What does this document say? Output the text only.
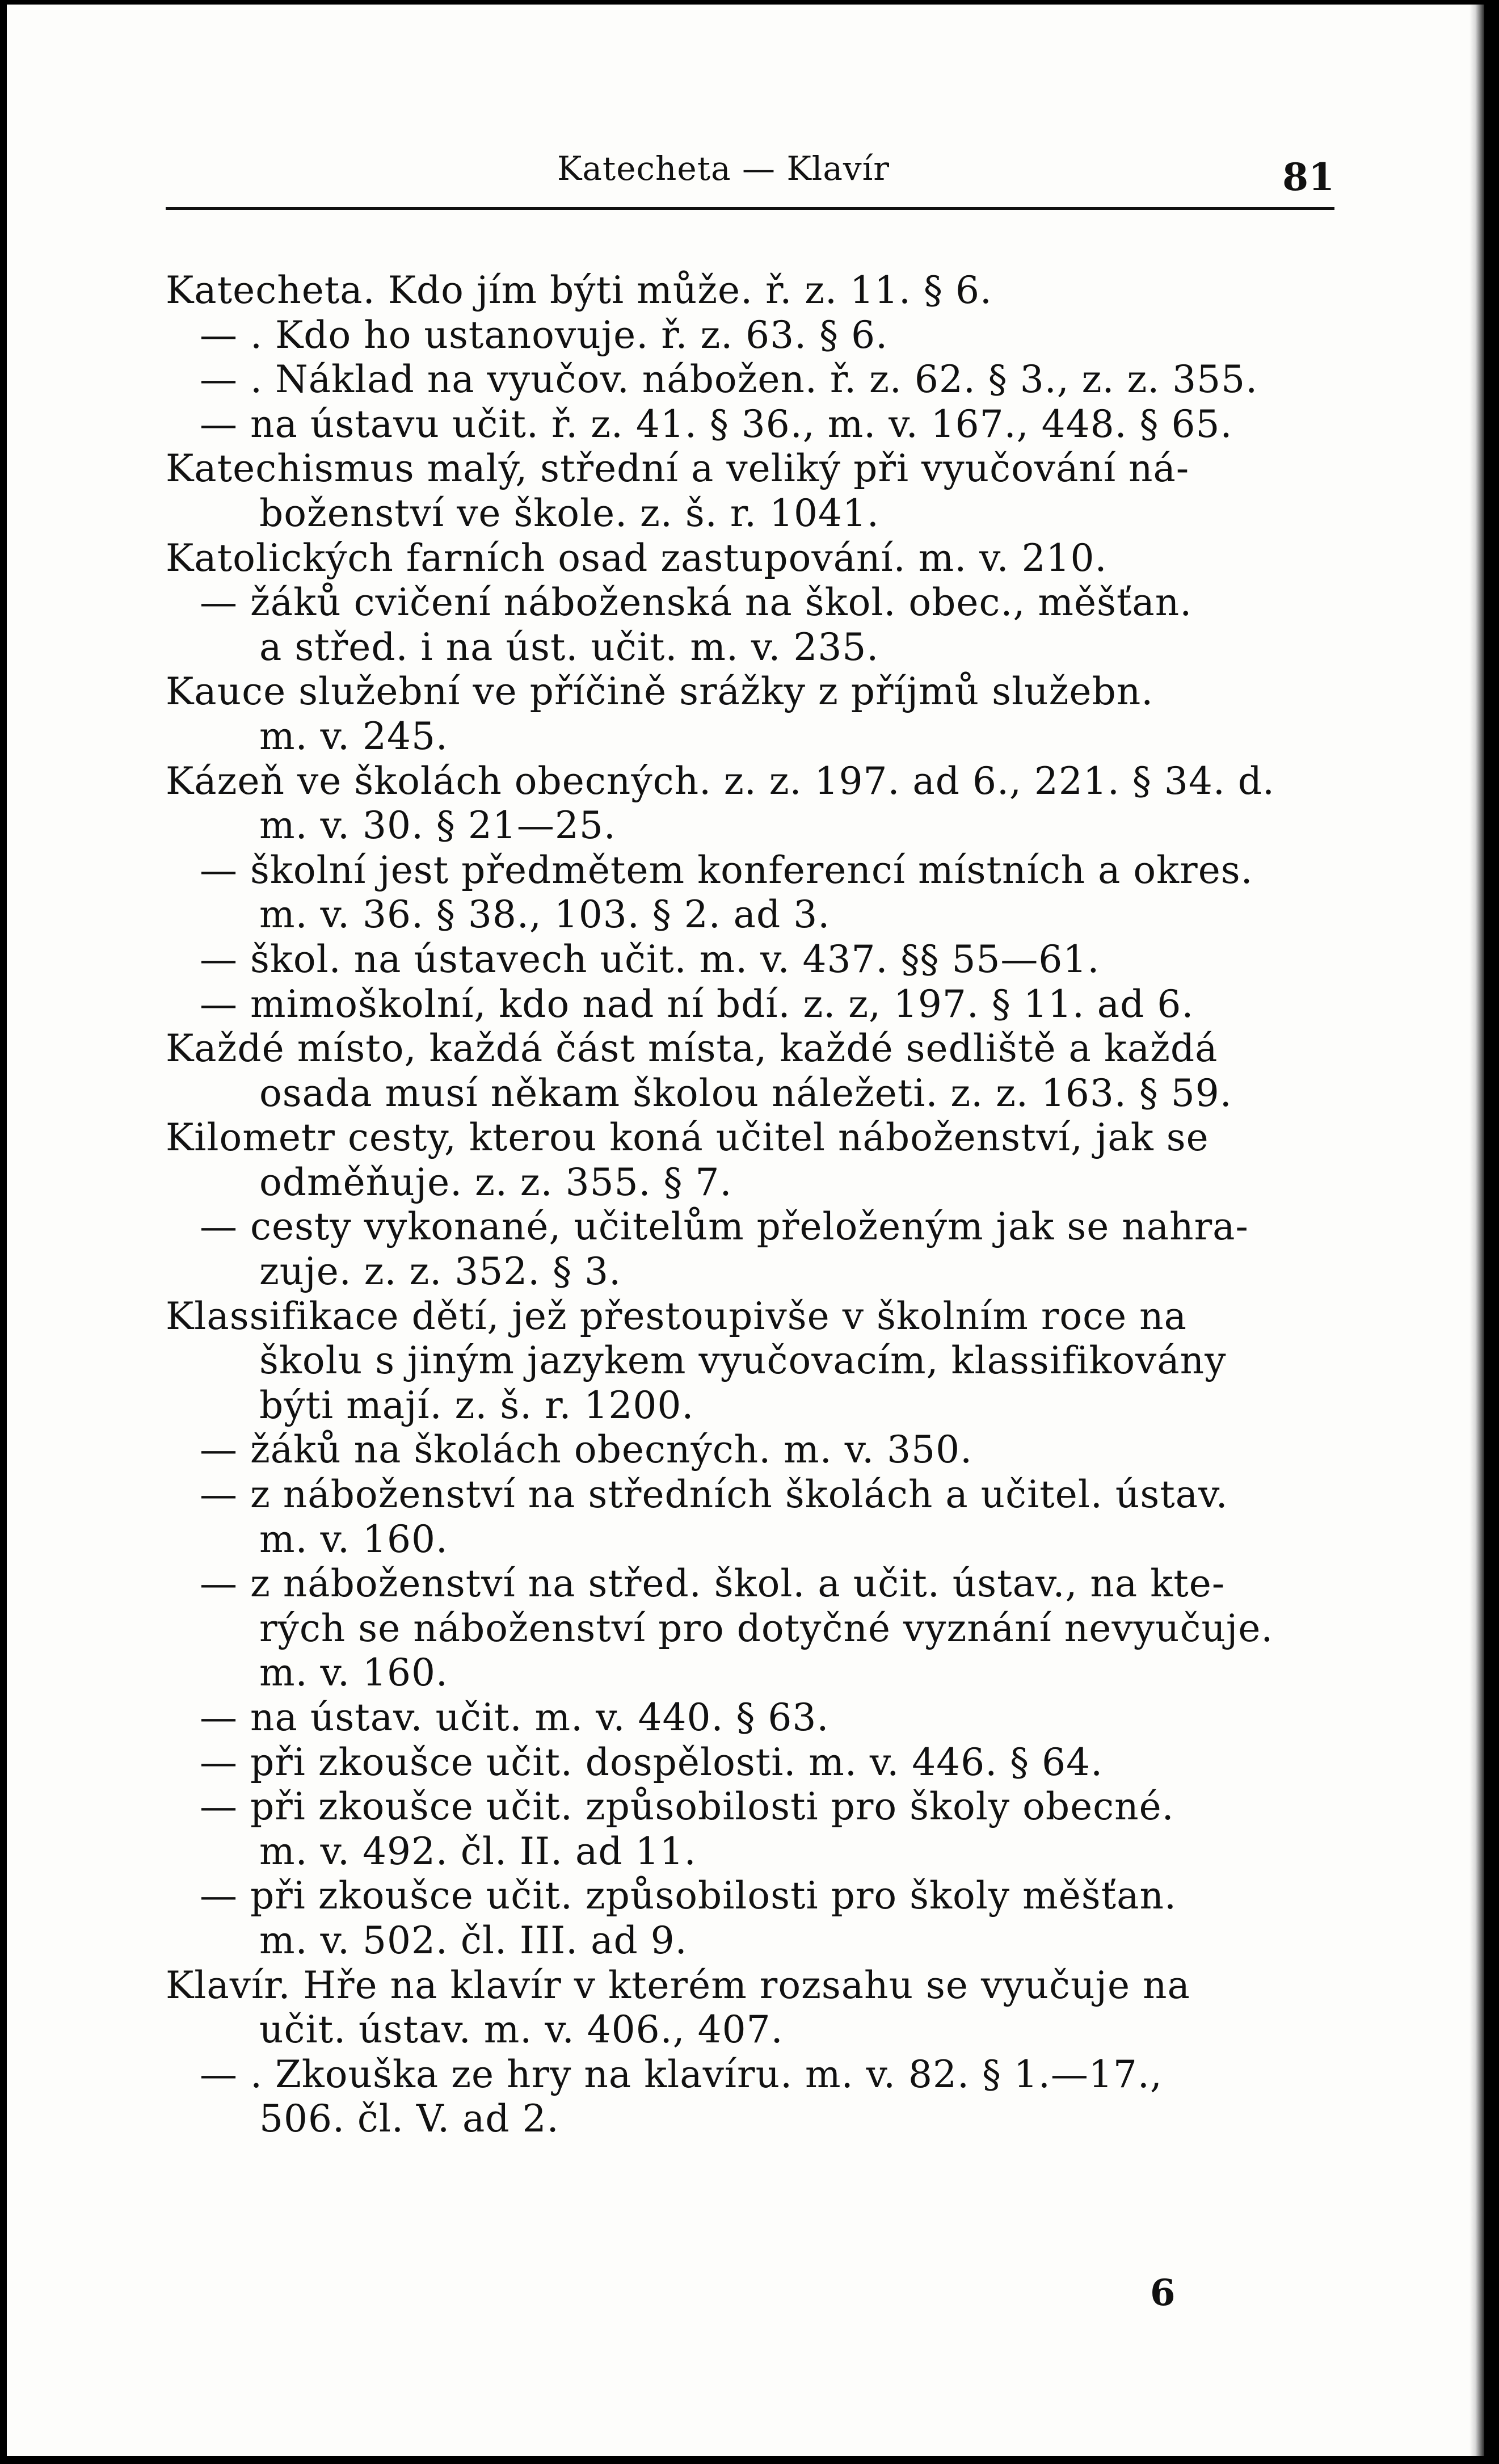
Katecheta — Klavír	81
Katecheta. Kdo jím býti může. ř. z. 11. § 6.
— . Kdo ho ustanovuje. ř. z. 63. § 6.
— . Náklad na vyučov. nábožen. ř. z. 62. § 3., z. z. 355.
— na ústavu učit. ř. z. 41. § 36., m. v. 167., 448. § 65.
Katechismus malý, střední a veliký při vyučování ná-
boženství ve škole. z. š. r. 1041.
Katolických farních osad zastupování. m. v. 210.
— žáků cvičení náboženská na škol. obec., měšťan.
a střed. i na úst. učit. m. v. 235.
Kauce služební ve příčině srážky z příjmů služebn.
m. v. 245.
Kázeň ve školách obecných. z. z. 197. ad 6., 221. § 34. d.
m. v. 30. § 21—25.
— školní jest předmětem konferencí místních a okres.
m. v. 36. § 38., 103. § 2. ad 3.
— škol. na ústavech učit. m. v. 437. §§ 55—61.
— mimoškolní, kdo nad ní bdí. z. z, 197. § 11. ad 6.
Každé místo, každá část místa, každé sedliště a každá
osada musí někam školou náležeti. z. z. 163. § 59.
Kilometr cesty, kterou koná učitel náboženství, jak se
odměňuje. z. z. 355. § 7.
— cesty vykonané, učitelům přeloženým jak se nahra-
zuje. z. z. 352. § 3.
Klassifikace dětí, jež přestoupivše v školním roce na
školu s jiným jazykem vyučovacím, klassifikovány
býti mají. z. š. r. 1200.
— žáků na školách obecných. m. v. 350.
— z náboženství na středních školách a učitel. ústav.
m. v. 160.
— z náboženství na střed. škol. a učit. ústav., na kte-
rých se náboženství pro dotyčné vyznání nevyučuje.
m. v. 160.
— na ústav. učit. m. v. 440. § 63.
— při zkoušce učit. dospělosti. m. v. 446. § 64.
— při zkoušce učit. způsobilosti pro školy obecné.
m. v. 492. čl. II. ad 11.
— při zkoušce učit. způsobilosti pro školy měšťan.
m. v. 502. čl. III. ad 9.
Klavír. Hře na klavír v kterém rozsahu se vyučuje na
učit. ústav. m. v. 406., 407.
— . Zkouška ze hry na klavíru. m. v. 82. § 1.—17.,
506. čl. V. ad 2.
6
